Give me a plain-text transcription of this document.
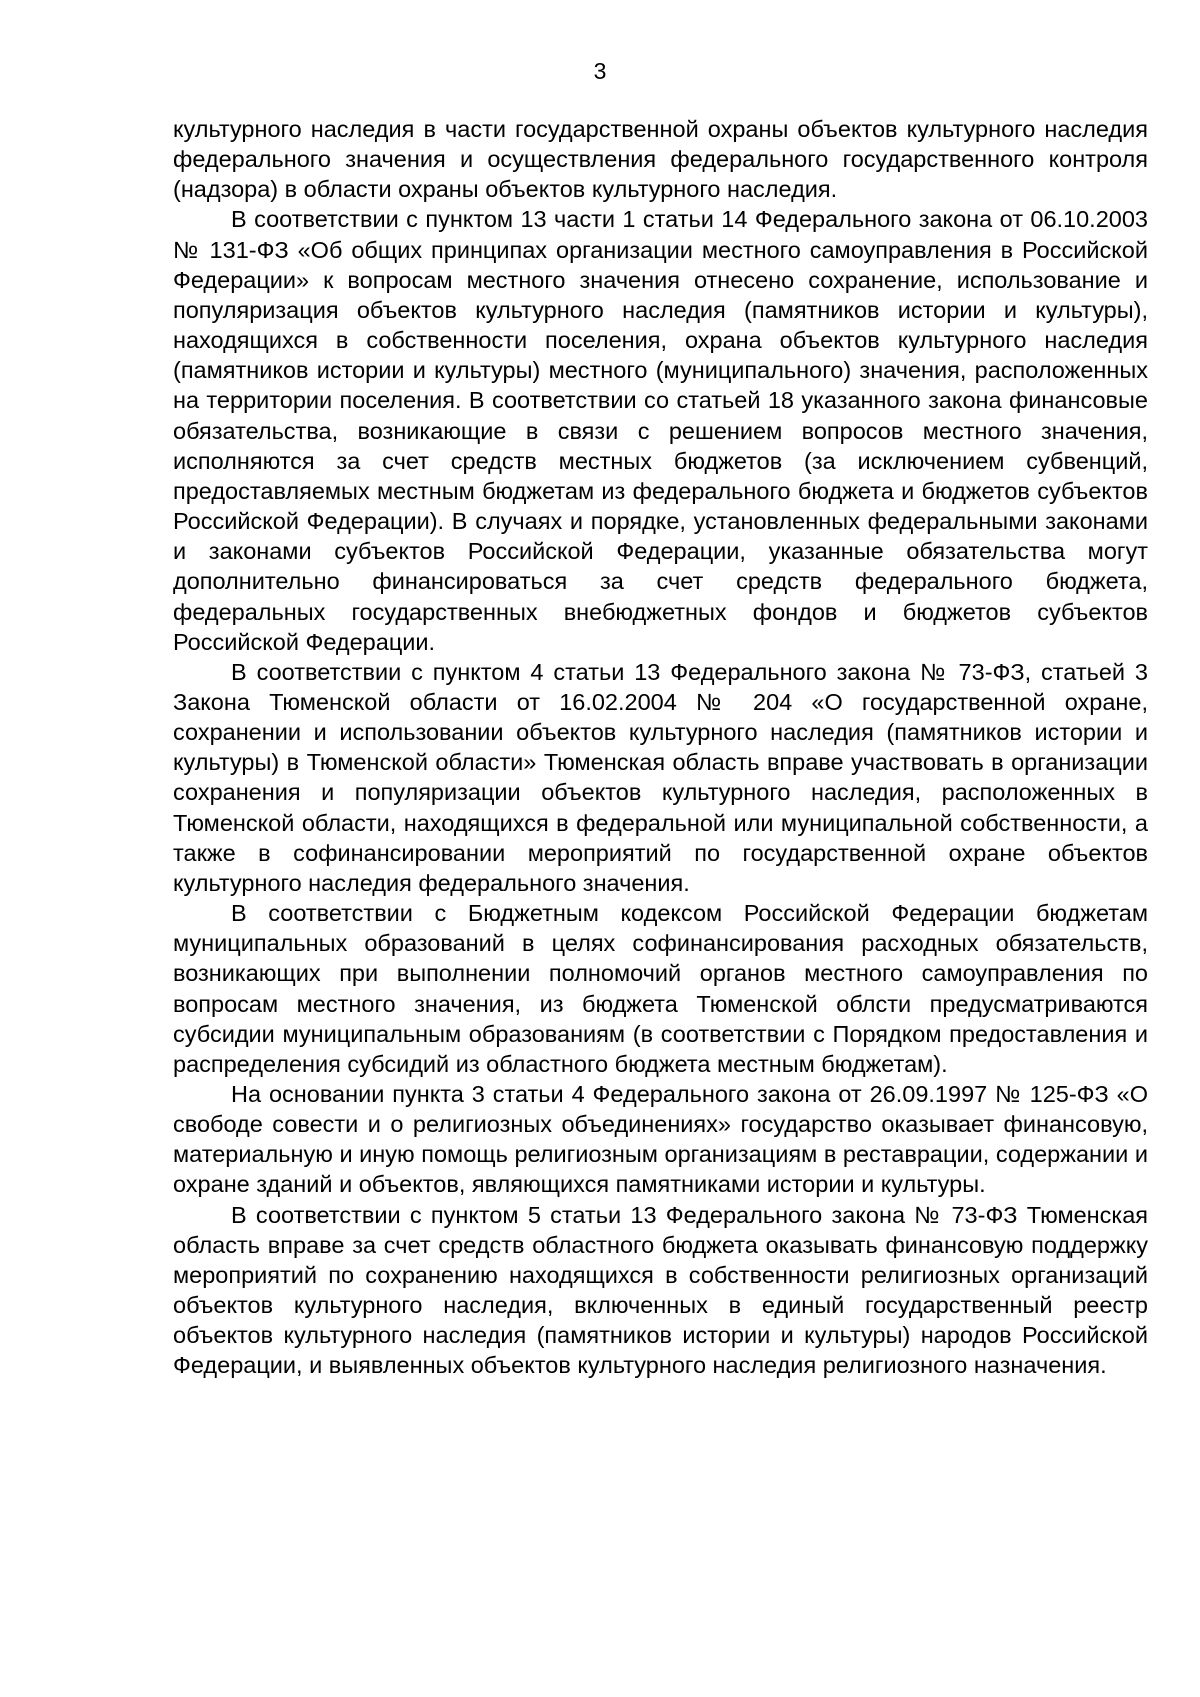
3

культурного наследия в части государственной охраны объектов культурного наследия федерального значения и осуществления федерального государственного контроля (надзора) в области охраны объектов культурного наследия.

В соответствии с пунктом 13 части 1 статьи 14 Федерального закона от 06.10.2003 № 131-ФЗ «Об общих принципах организации местного самоуправления в Российской Федерации» к вопросам местного значения отнесено сохранение, использование и популяризация объектов культурного наследия (памятников истории и культуры), находящихся в собственности поселения, охрана объектов культурного наследия (памятников истории и культуры) местного (муниципального) значения, расположенных на территории поселения. В соответствии со статьей 18 указанного закона финансовые обязательства, возникающие в связи с решением вопросов местного значения, исполняются за счет средств местных бюджетов (за исключением субвенций, предоставляемых местным бюджетам из федерального бюджета и бюджетов субъектов Российской Федерации). В случаях и порядке, установленных федеральными законами и законами субъектов Российской Федерации, указанные обязательства могут дополнительно финансироваться за счет средств федерального бюджета, федеральных государственных внебюджетных фондов и бюджетов субъектов Российской Федерации.

В соответствии с пунктом 4 статьи 13 Федерального закона № 73-ФЗ, статьей 3 Закона Тюменской области от 16.02.2004 № 204 «О государственной охране, сохранении и использовании объектов культурного наследия (памятников истории и культуры) в Тюменской области» Тюменская область вправе участвовать в организации сохранения и популяризации объектов культурного наследия, расположенных в Тюменской области, находящихся в федеральной или муниципальной собственности, а также в софинансировании мероприятий по государственной охране объектов культурного наследия федерального значения.

В соответствии с Бюджетным кодексом Российской Федерации бюджетам муниципальных образований в целях софинансирования расходных обязательств, возникающих при выполнении полномочий органов местного самоуправления по вопросам местного значения, из бюджета Тюменской облсти предусматриваются субсидии муниципальным образованиям (в соответствии с Порядком предоставления и распределения субсидий из областного бюджета местным бюджетам).

На основании пункта 3 статьи 4 Федерального закона от 26.09.1997 № 125-ФЗ «О свободе совести и о религиозных объединениях» государство оказывает финансовую, материальную и иную помощь религиозным организациям в реставрации, содержании и охране зданий и объектов, являющихся памятниками истории и культуры.

В соответствии с пунктом 5 статьи 13 Федерального закона № 73-ФЗ Тюменская область вправе за счет средств областного бюджета оказывать финансовую поддержку мероприятий по сохранению находящихся в собственности религиозных организаций объектов культурного наследия, включенных в единый государственный реестр объектов культурного наследия (памятников истории и культуры) народов Российской Федерации, и выявленных объектов культурного наследия религиозного назначения.
